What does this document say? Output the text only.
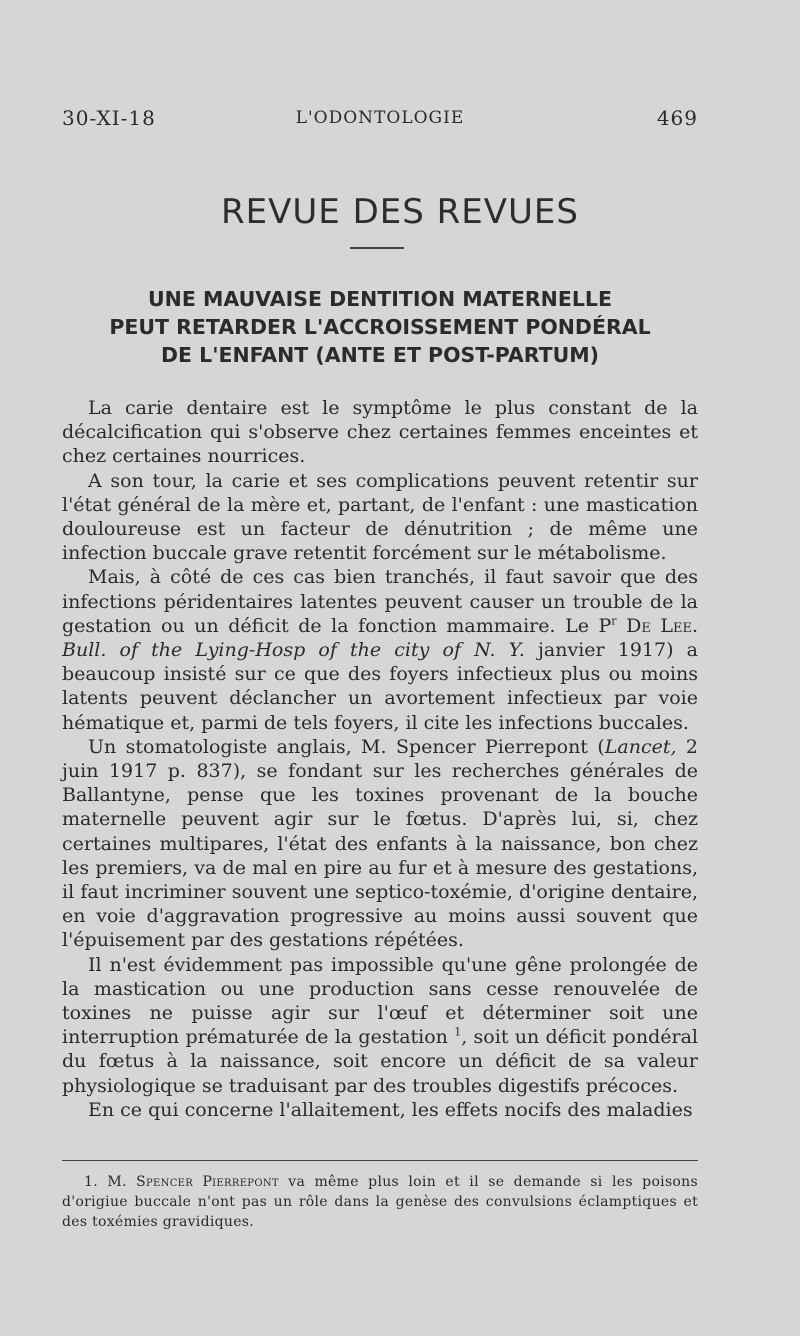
30-XI-18	L'ODONTOLOGIE	469
REVUE DES REVUES
UNE MAUVAISE DENTITION MATERNELLE
PEUT RETARDER L'ACCROISSEMENT PONDÉRAL
DE L'ENFANT (ANTE ET POST-PARTUM)

La carie dentaire est le symptôme le plus constant de la décalcification qui s'observe chez certaines femmes enceintes et chez certaines nourrices.

A son tour, la carie et ses complications peuvent retentir sur l'état général de la mère et, partant, de l'enfant : une mastication douloureuse est un facteur de dénutrition ; de même une infection buccale grave retentit forcément sur le métabolisme.

Mais, à côté de ces cas bien tranchés, il faut savoir que des infections péridentaires latentes peuvent causer un trouble de la gestation ou un déficit de la fonction mammaire. Le $P^r$ De Lee. Bull. of the Lying-Hosp of the city of N. Y. janvier 1917) a beaucoup insisté sur ce que des foyers infectieux plus ou moins latents peuvent déclancher un avortement infectieux par voie hématique et, parmi de tels foyers, il cite les infections buccales.

Un stomatologiste anglais, M. Spencer Pierrepont (Lancet, 2 juin 1917 p. 837), se fondant sur les recherches générales de Ballantyne, pense que les toxines provenant de la bouche maternelle peuvent agir sur le fœtus. D'après lui, si, chez certaines multipares, l'état des enfants à la naissance, bon chez les premiers, va de mal en pire au fur et à mesure des gestations, il faut incriminer souvent une septico-toxémie, d'origine dentaire, en voie d'aggravation progressive au moins aussi souvent que l'épuisement par des gestations répétées.

Il n'est évidemment pas impossible qu'une gêne prolongée de la mastication ou une production sans cesse renouvelée de toxines ne puisse agir sur l'œuf et déterminer soit une interruption prématurée de la gestation $^1$, soit un déficit pondéral du fœtus à la naissance, soit encore un déficit de sa valeur physiologique se traduisant par des troubles digestifs précoces.

En ce qui concerne l'allaitement, les effets nocifs des maladies

1. M. Spencer Pierrepont va même plus loin et il se demande si les poisons d'origiue buccale n'ont pas un rôle dans la genèse des convulsions éclamptiques et des toxémies gravidiques.
